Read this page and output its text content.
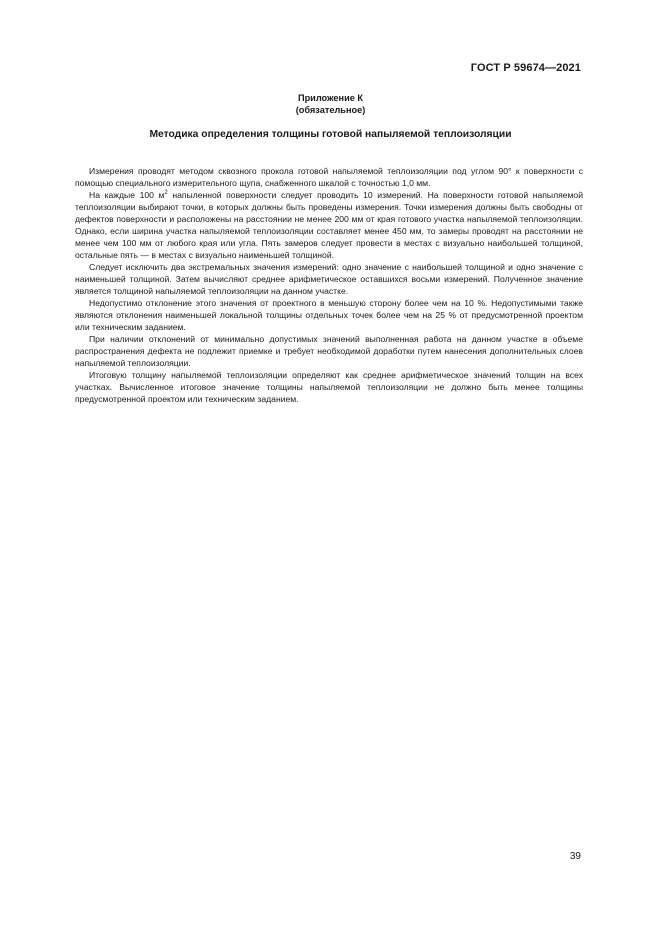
ГОСТ Р 59674—2021
Приложение К
(обязательное)
Методика определения толщины готовой напыляемой теплоизоляции

Измерения проводят методом сквозного прокола готовой напыляемой теплоизоляции под углом 90° к поверхности с помощью специального измерительного щупа, снабженного шкалой с точностью 1,0 мм.

На каждые 100 $м^2$ напыленной поверхности следует проводить 10 измерений. На поверхности готовой напыляемой теплоизоляции выбирают точки, в которых должны быть проведены измерения. Точки измерения должны быть свободны от дефектов поверхности и расположены на расстоянии не менее 200 мм от края готового участка напыляемой теплоизоляции. Однако, если ширина участка напыляемой теплоизоляции составляет менее 450 мм, то замеры проводят на расстоянии не менее чем 100 мм от любого края или угла. Пять замеров следует провести в местах с визуально наибольшей толщиной, остальные пять — в местах с визуально наименьшей толщиной.

Следует исключить два экстремальных значения измерений: одно значение с наибольшей толщиной и одно значение с наименьшей толщиной. Затем вычисляют среднее арифметическое оставшихся восьми измерений. Полученное значение является толщиной напыляемой теплоизоляции на данном участке.

Недопустимо отклонение этого значения от проектного в меньшую сторону более чем на 10 %. Недопустимыми также являются отклонения наименьшей локальной толщины отдельных точек более чем на 25 % от предусмотренной проектом или техническим заданием.

При наличии отклонений от минимально допустимых значений выполненная работа на данном участке в объеме распространения дефекта не подлежит приемке и требует необходимой доработки путем нанесения дополнительных слоев напыляемой теплоизоляции.

Итоговую толщину напыляемой теплоизоляции определяют как среднее арифметическое значений толщин на всех участках. Вычисленное итоговое значение толщины напыляемой теплоизоляции не должно быть менее толщины предусмотренной проектом или техническим заданием.

39
